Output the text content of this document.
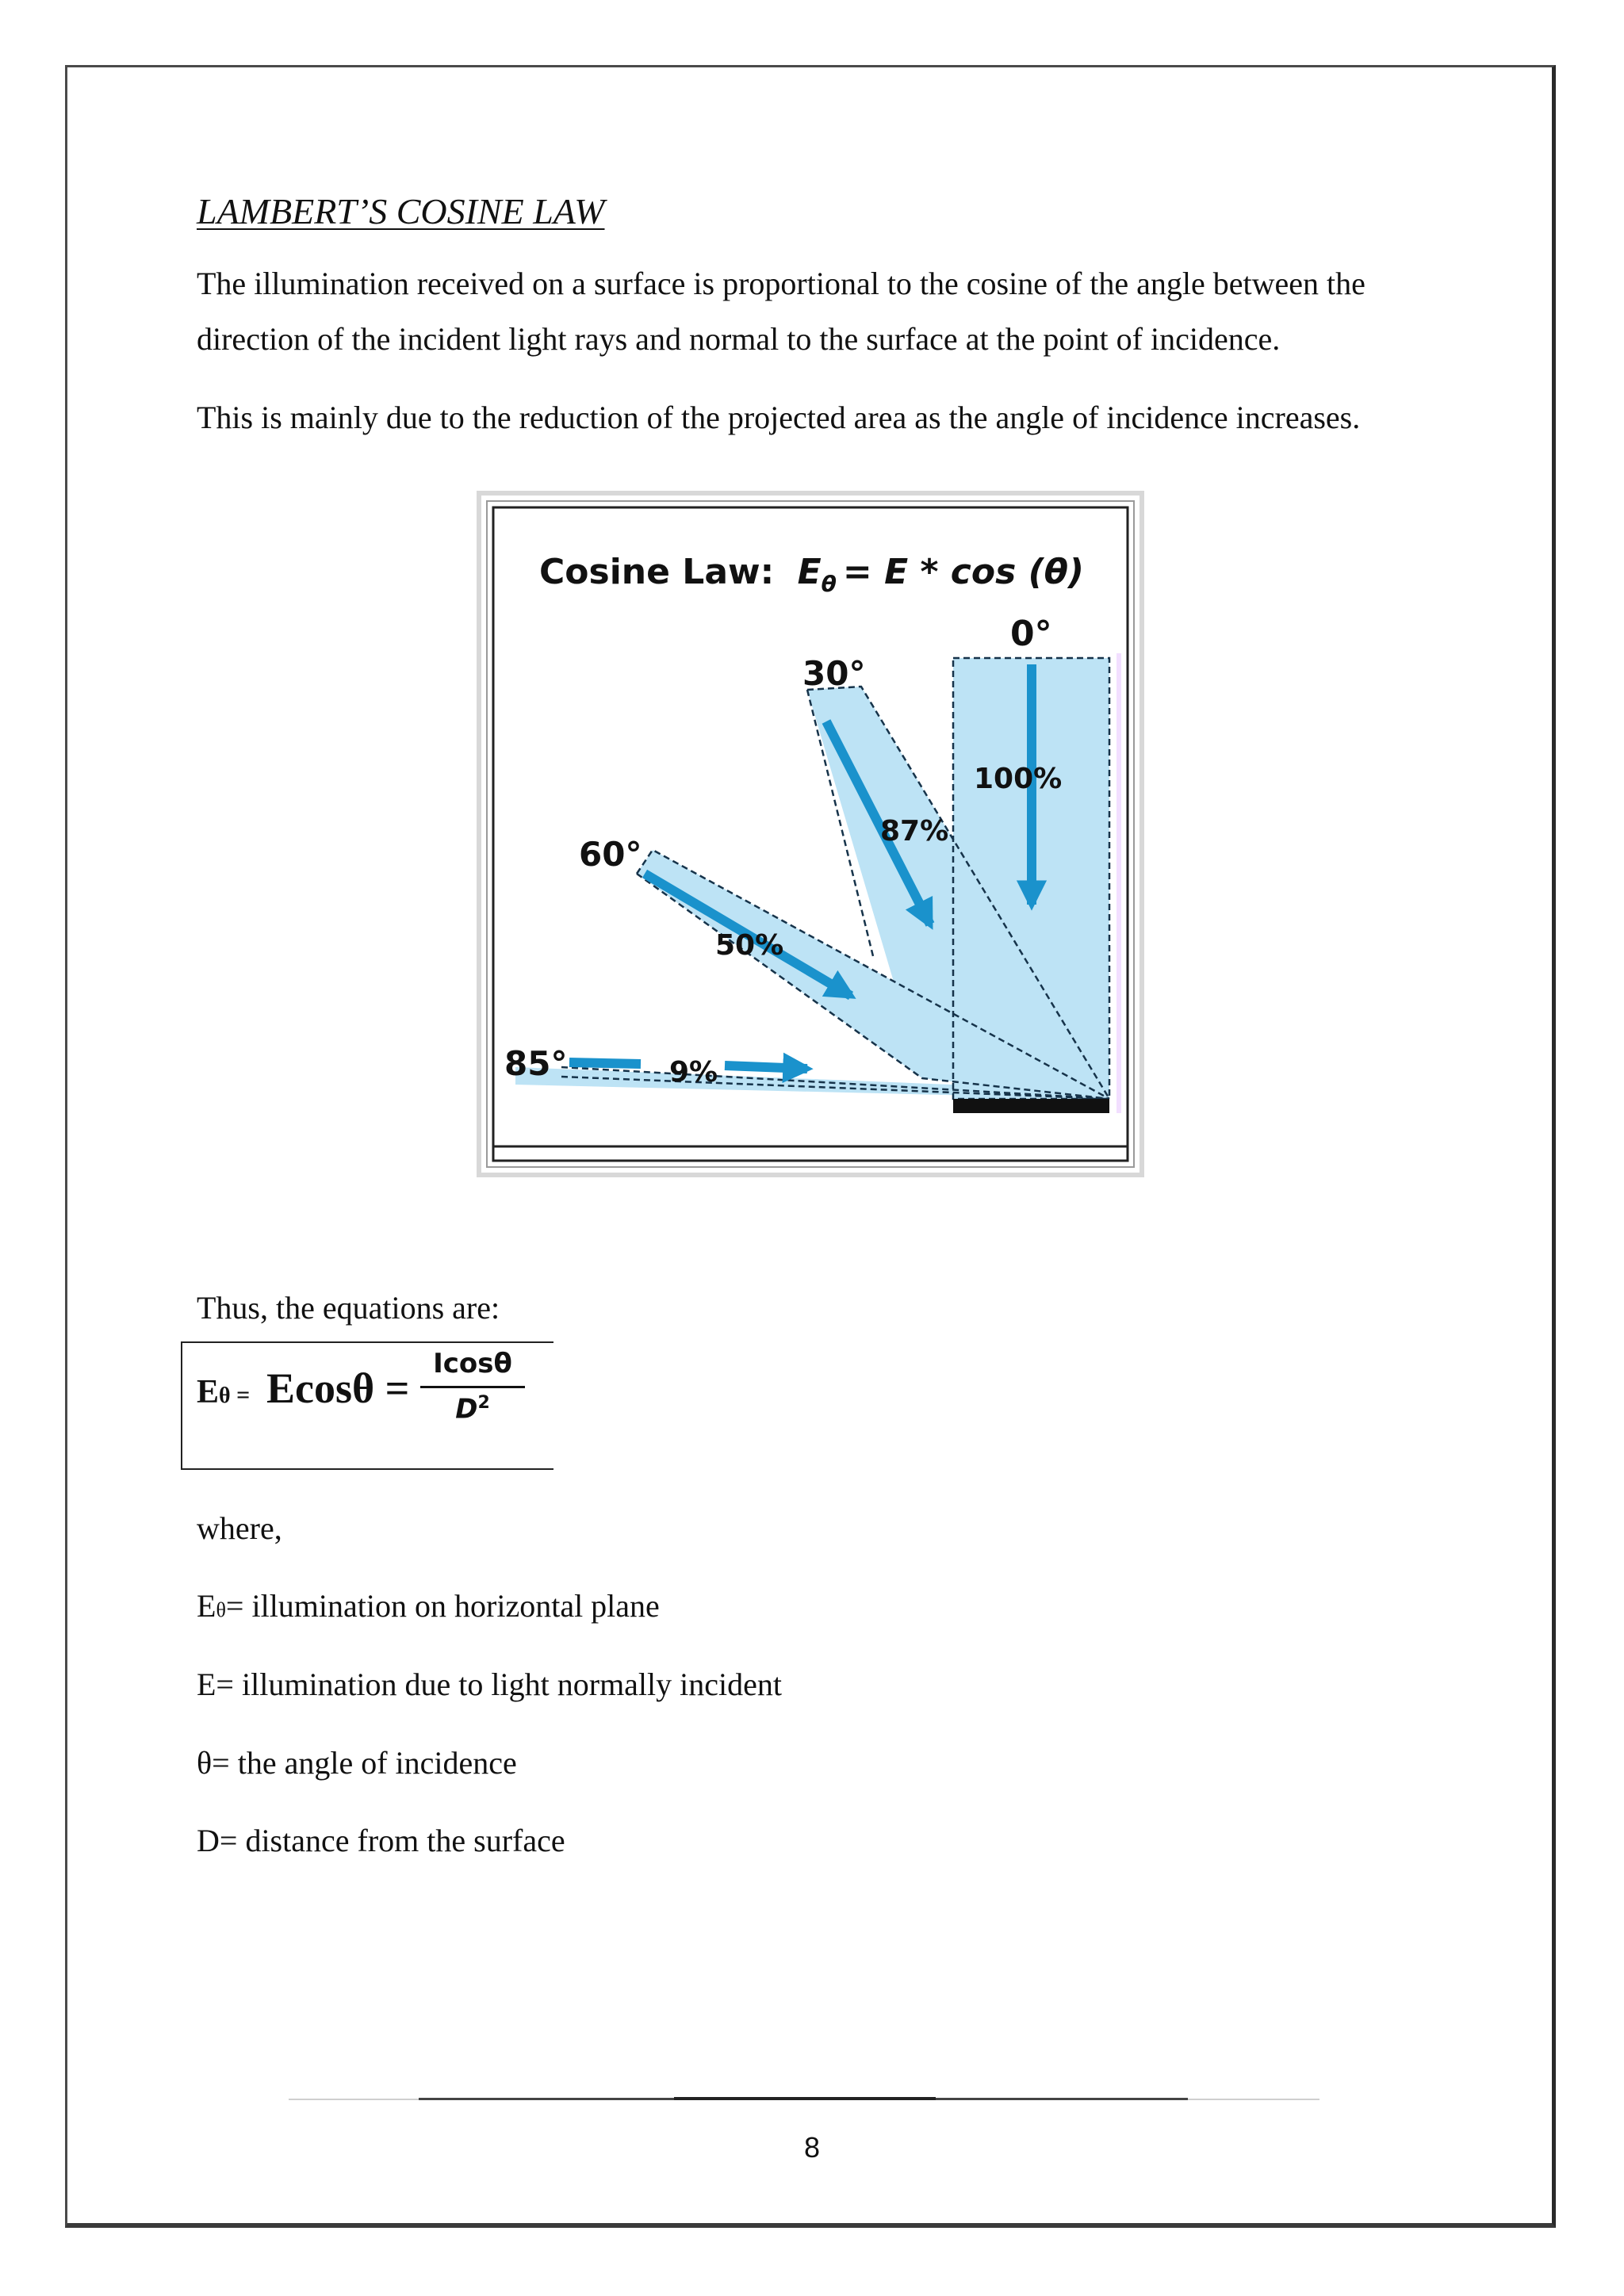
LAMBERT’S COSINE LAW
The illumination received on a surface is proportional to the cosine of the angle between the
direction of the incident light rays and normal to the surface at the point of incidence.
This is mainly due to the reduction of the projected area as the angle of incidence increases.
Cosine Law: $E_\theta = E * \cos (\theta)$
0°
100%
30°
87%
60°
50%
85°	9%
Thus, the equations are:
Eθ = Ecosθ =
Icosθ
$D^2$
where,
Eθ= illumination on horizontal plane
E= illumination due to light normally incident
θ= the angle of incidence
D= distance from the surface
8
